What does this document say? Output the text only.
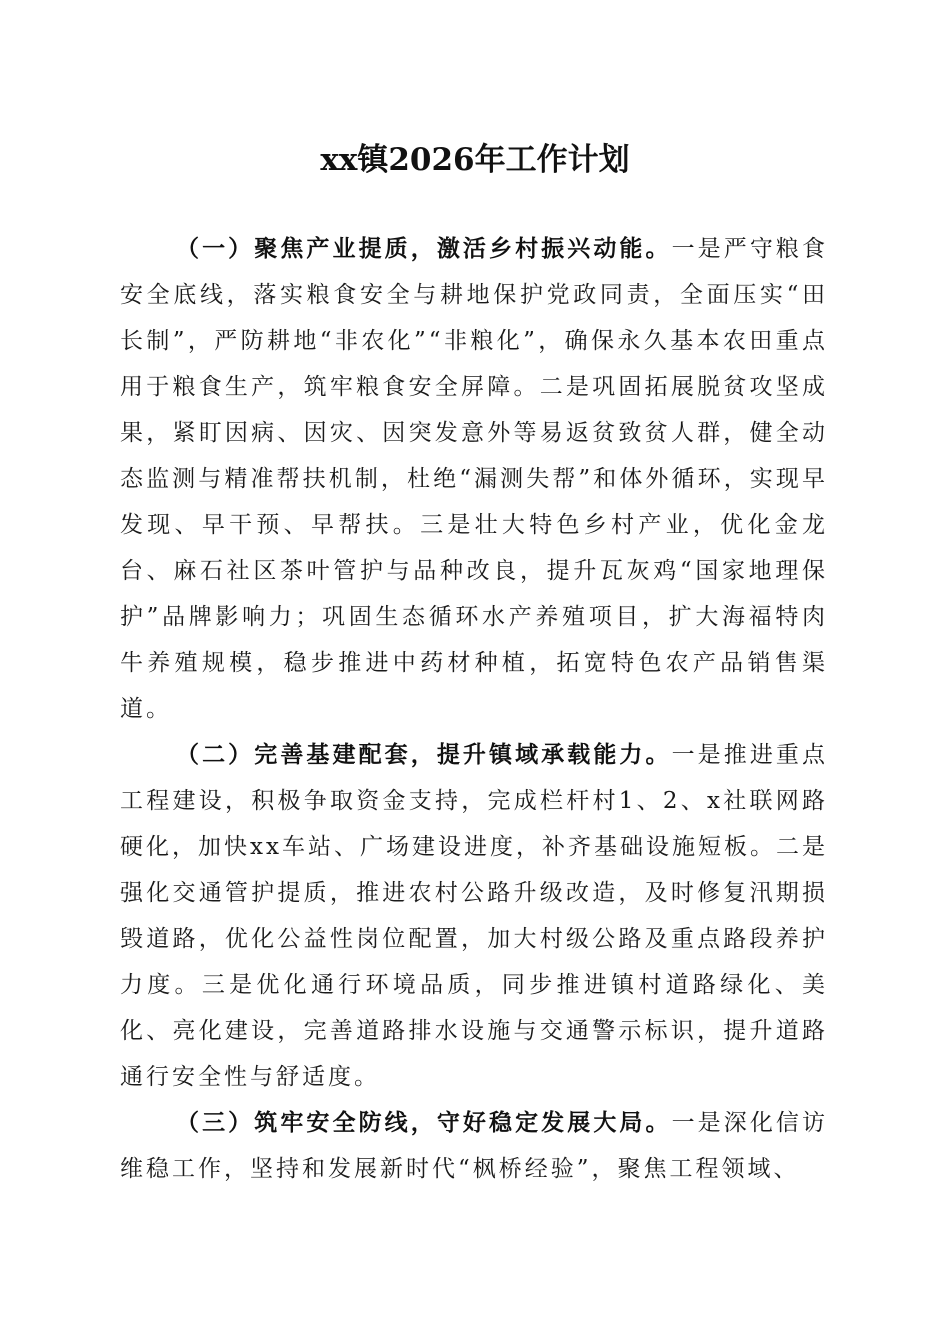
xx镇2026年工作计划

（一）聚焦产业提质，激活乡村振兴动能。一是严守粮食安全底线，落实粮食安全与耕地保护党政同责，全面压实“田长制”，严防耕地“非农化”“非粮化”，确保永久基本农田重点用于粮食生产，筑牢粮食安全屏障。二是巩固拓展脱贫攻坚成果，紧盯因病、因灾、因突发意外等易返贫致贫人群，健全动态监测与精准帮扶机制，杜绝“漏测失帮”和体外循环，实现早发现、早干预、早帮扶。三是壮大特色乡村产业，优化金龙台、麻石社区茶叶管护与品种改良，提升瓦灰鸡“国家地理保护”品牌影响力；巩固生态循环水产养殖项目，扩大海福特肉牛养殖规模，稳步推进中药材种植，拓宽特色农产品销售渠道。

（二）完善基建配套，提升镇域承载能力。一是推进重点工程建设，积极争取资金支持，完成栏杆村1、2、x社联网路硬化，加快xx车站、广场建设进度，补齐基础设施短板。二是强化交通管护提质，推进农村公路升级改造，及时修复汛期损毁道路，优化公益性岗位配置，加大村级公路及重点路段养护力度。三是优化通行环境品质，同步推进镇村道路绿化、美化、亮化建设，完善道路排水设施与交通警示标识，提升道路通行安全性与舒适度。

（三）筑牢安全防线，守好稳定发展大局。一是深化信访维稳工作，坚持和发展新时代“枫桥经验”，聚焦工程领域、
